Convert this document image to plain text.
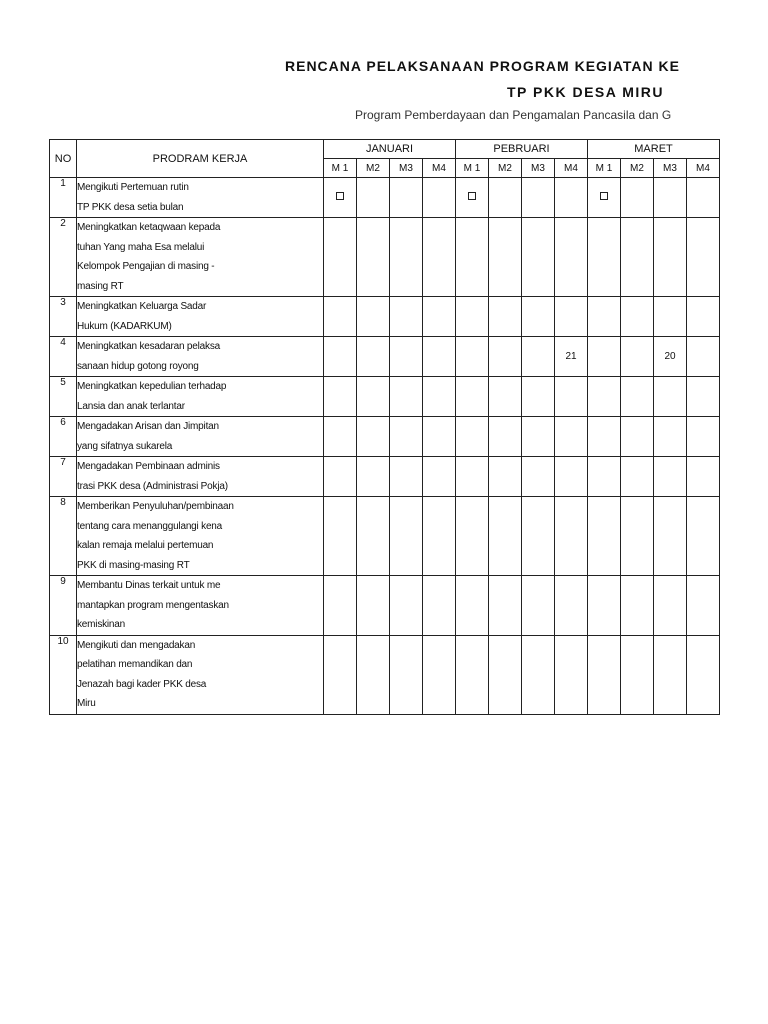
RENCANA PELAKSANAAN PROGRAM KEGIATAN KE
TP PKK DESA MIRU
Program Pemberdayaan dan Pengamalan Pancasila dan G
NO	PRODRAM KERJA	JANUARI				PEBRUARI				MARET			
		M 1	M2	M3	M4	M 1	M2	M3	M4	M 1	M2	M3	M4
1	Mengikuti Pertemuan rutin
TP PKK desa setia bulan												

2	Meningkatkan ketaqwaan kepada
tuhan Yang maha Esa melalui
Kelompok Pengajian di masing -
masing RT												

3	Meningkatkan Keluarga Sadar
Hukum (KADARKUM)												

4	Meningkatkan kesadaran pelaksa
sanaan hidup gotong royong								21			20	
5	Meningkatkan kepedulian terhadap
Lansia dan anak terlantar												

6	Mengadakan Arisan dan Jimpitan
yang sifatnya sukarela												

7	Mengadakan Pembinaan adminis
trasi PKK desa (Administrasi Pokja)												

8	Memberikan Penyuluhan/pembinaan
tentang cara menanggulangi kena
kalan remaja melalui pertemuan
PKK di masing-masing RT												

9	Membantu Dinas terkait untuk me
mantapkan program mengentaskan
kemiskinan												

10	Mengikuti dan mengadakan
pelatihan memandikan dan
Jenazah bagi kader PKK desa
Miru												
